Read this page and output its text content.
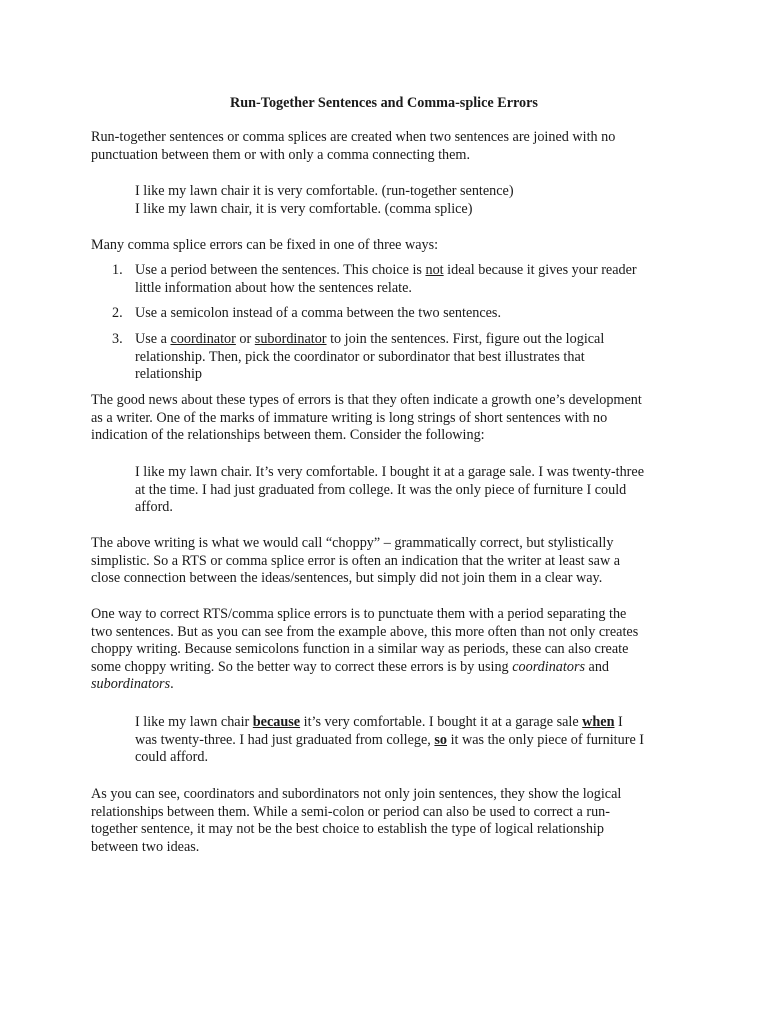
Run-Together Sentences and Comma-splice Errors

Run-together sentences or comma splices are created when two sentences are joined with no
punctuation between them or with only a comma connecting them.

I like my lawn chair it is very comfortable. (run-together sentence)
I like my lawn chair, it is very comfortable. (comma splice)

Many comma splice errors can be fixed in one of three ways:

1. Use a period between the sentences. This choice is not ideal because it gives your reader
little information about how the sentences relate.

2. Use a semicolon instead of a comma between the two sentences.

3. Use a coordinator or subordinator to join the sentences. First, figure out the logical
relationship. Then, pick the coordinator or subordinator that best illustrates that
relationship

The good news about these types of errors is that they often indicate a growth one’s development
as a writer. One of the marks of immature writing is long strings of short sentences with no
indication of the relationships between them. Consider the following:

I like my lawn chair. It’s very comfortable. I bought it at a garage sale. I was twenty-three
at the time. I had just graduated from college. It was the only piece of furniture I could
afford.

The above writing is what we would call “choppy” – grammatically correct, but stylistically
simplistic. So a RTS or comma splice error is often an indication that the writer at least saw a
close connection between the ideas/sentences, but simply did not join them in a clear way.

One way to correct RTS/comma splice errors is to punctuate them with a period separating the
two sentences. But as you can see from the example above, this more often than not only creates
choppy writing. Because semicolons function in a similar way as periods, these can also create
some choppy writing. So the better way to correct these errors is by using coordinators and
subordinators.

I like my lawn chair because it’s very comfortable. I bought it at a garage sale when I
was twenty-three. I had just graduated from college, so it was the only piece of furniture I
could afford.

As you can see, coordinators and subordinators not only join sentences, they show the logical
relationships between them. While a semi-colon or period can also be used to correct a run-
together sentence, it may not be the best choice to establish the type of logical relationship
between two ideas.
